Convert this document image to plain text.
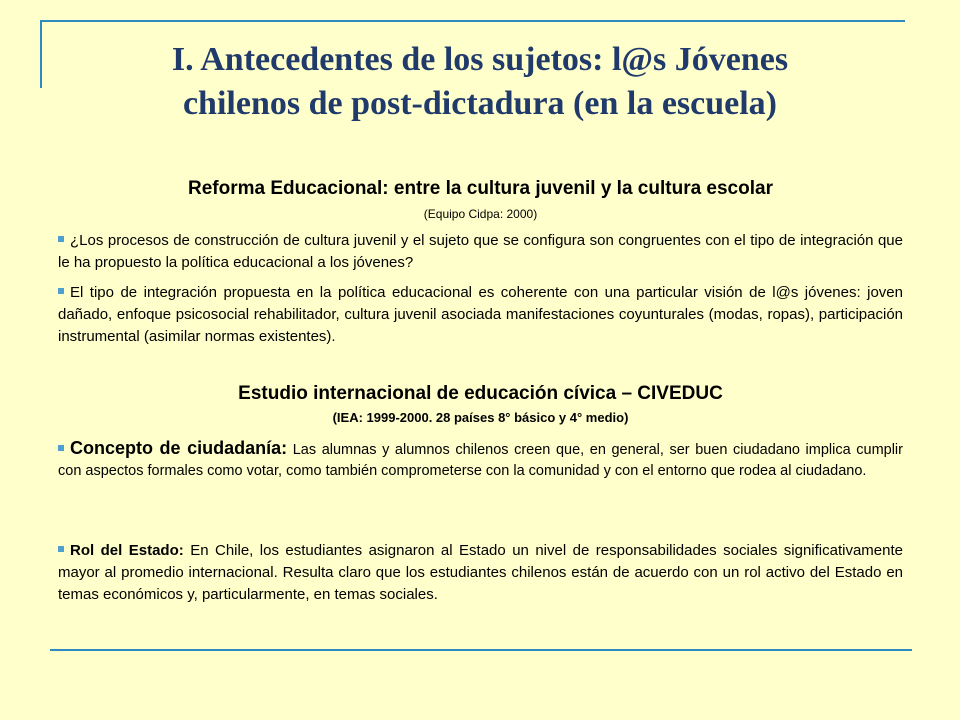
I. Antecedentes de los sujetos: l@s Jóvenes
chilenos de post-dictadura (en la escuela)
Reforma Educacional: entre la cultura juvenil y la cultura escolar
(Equipo Cidpa: 2000)
¿Los procesos de construcción de cultura juvenil y el sujeto que se configura son congruentes con el tipo de integración que le ha propuesto la política educacional a los jóvenes?
El tipo de integración propuesta en la política educacional es coherente con una particular visión de l@s jóvenes: joven dañado, enfoque psicosocial rehabilitador, cultura juvenil asociada manifestaciones coyunturales (modas, ropas), participación instrumental (asimilar normas existentes).
Estudio internacional de educación cívica – CIVEDUC
(IEA: 1999-2000. 28 países 8° básico y 4° medio)
Concepto de ciudadanía: Las alumnas y alumnos chilenos creen que, en general, ser buen ciudadano implica cumplir con aspectos formales como votar, como también comprometerse con la comunidad y con el entorno que rodea al ciudadano.
Rol del Estado: En Chile, los estudiantes asignaron al Estado un nivel de responsabilidades sociales significativamente mayor al promedio internacional. Resulta claro que los estudiantes chilenos están de acuerdo con un rol activo del Estado en temas económicos y, particularmente, en temas sociales.
